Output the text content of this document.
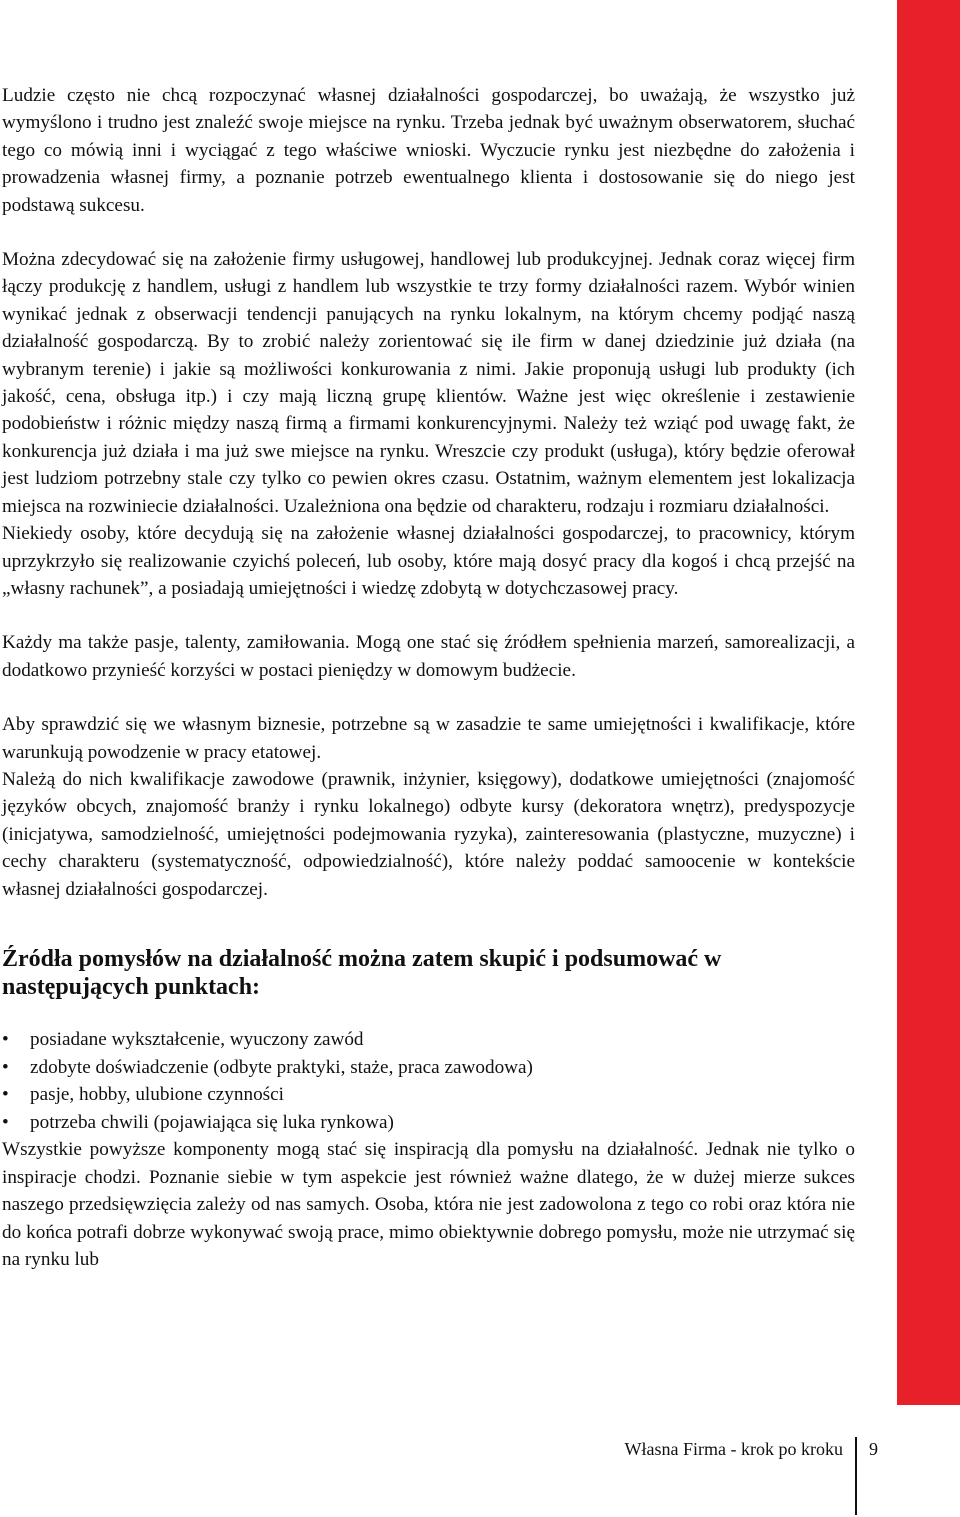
Ludzie często nie chcą rozpoczynać własnej działalności gospodarczej, bo uważają, że wszystko już wymyślono i trudno jest znaleźć swoje miejsce na rynku. Trzeba jednak być uważnym obserwatorem, słuchać tego co mówią inni i wyciągać z tego właściwe wnioski. Wyczucie rynku jest niezbędne do założenia i prowadzenia własnej firmy, a poznanie potrzeb ewentualnego klienta i dostosowanie się do niego jest podstawą sukcesu.

Można zdecydować się na założenie firmy usługowej, handlowej lub produkcyjnej. Jednak coraz więcej firm łączy produkcję z handlem, usługi z handlem lub wszystkie te trzy formy działalności razem. Wybór winien wynikać jednak z obserwacji tendencji panujących na rynku lokalnym, na którym chcemy podjąć naszą działalność gospodarczą. By to zrobić należy zorientować się ile firm w danej dziedzinie już działa (na wybranym terenie) i jakie są możliwości konkurowania z nimi. Jakie proponują usługi lub produkty (ich jakość, cena, obsługa itp.) i czy mają liczną grupę klientów. Ważne jest więc określenie i zestawienie podobieństw i różnic między naszą firmą a firmami konkurencyjnymi. Należy też wziąć pod uwagę fakt, że konkurencja już działa i ma już swe miejsce na rynku. Wreszcie czy produkt (usługa), który będzie oferował jest ludziom potrzebny stale czy tylko co pewien okres czasu. Ostatnim, ważnym elementem jest lokalizacja miejsca na rozwiniecie działalności. Uzależniona ona będzie od charakteru, rodzaju i rozmiaru działalności.

Niekiedy osoby, które decydują się na założenie własnej działalności gospodarczej, to pracownicy, którym uprzykrzyło się realizowanie czyichś poleceń, lub osoby, które mają dosyć pracy dla kogoś i chcą przejść na „własny rachunek”, a posiadają umiejętności i wiedzę zdobytą w dotychczasowej pracy.

Każdy ma także pasje, talenty, zamiłowania. Mogą one stać się źródłem spełnienia marzeń, samorealizacji, a dodatkowo przynieść korzyści w postaci pieniędzy w domowym budżecie.

Aby sprawdzić się we własnym biznesie, potrzebne są w zasadzie te same umiejętności i kwalifikacje, które warunkują powodzenie w pracy etatowej.

Należą do nich kwalifikacje zawodowe (prawnik, inżynier, księgowy), dodatkowe umiejętności (znajomość języków obcych, znajomość branży i rynku lokalnego) odbyte kursy (dekoratora wnętrz), predyspozycje (inicjatywa, samodzielność, umiejętności podejmowania ryzyka), zainteresowania (plastyczne, muzyczne) i cechy charakteru (systematyczność, odpowiedzialność), które należy poddać samoocenie w kontekście własnej działalności gospodarczej.

Źródła pomysłów na działalność można zatem skupić i podsumować w następujących punktach:
• posiadane wykształcenie, wyuczony zawód
• zdobyte doświadczenie (odbyte praktyki, staże, praca zawodowa)
• pasje, hobby, ulubione czynności
• potrzeba chwili (pojawiająca się luka rynkowa)

Wszystkie powyższe komponenty mogą stać się inspiracją dla pomysłu na działalność. Jednak nie tylko o inspiracje chodzi. Poznanie siebie w tym aspekcie jest również ważne dlatego, że w dużej mierze sukces naszego przedsięwzięcia zależy od nas samych. Osoba, która nie jest zadowolona z tego co robi oraz która nie do końca potrafi dobrze wykonywać swoją prace, mimo obiektywnie dobrego pomysłu, może nie utrzymać się na rynku lub

Własna Firma - krok po kroku 9
